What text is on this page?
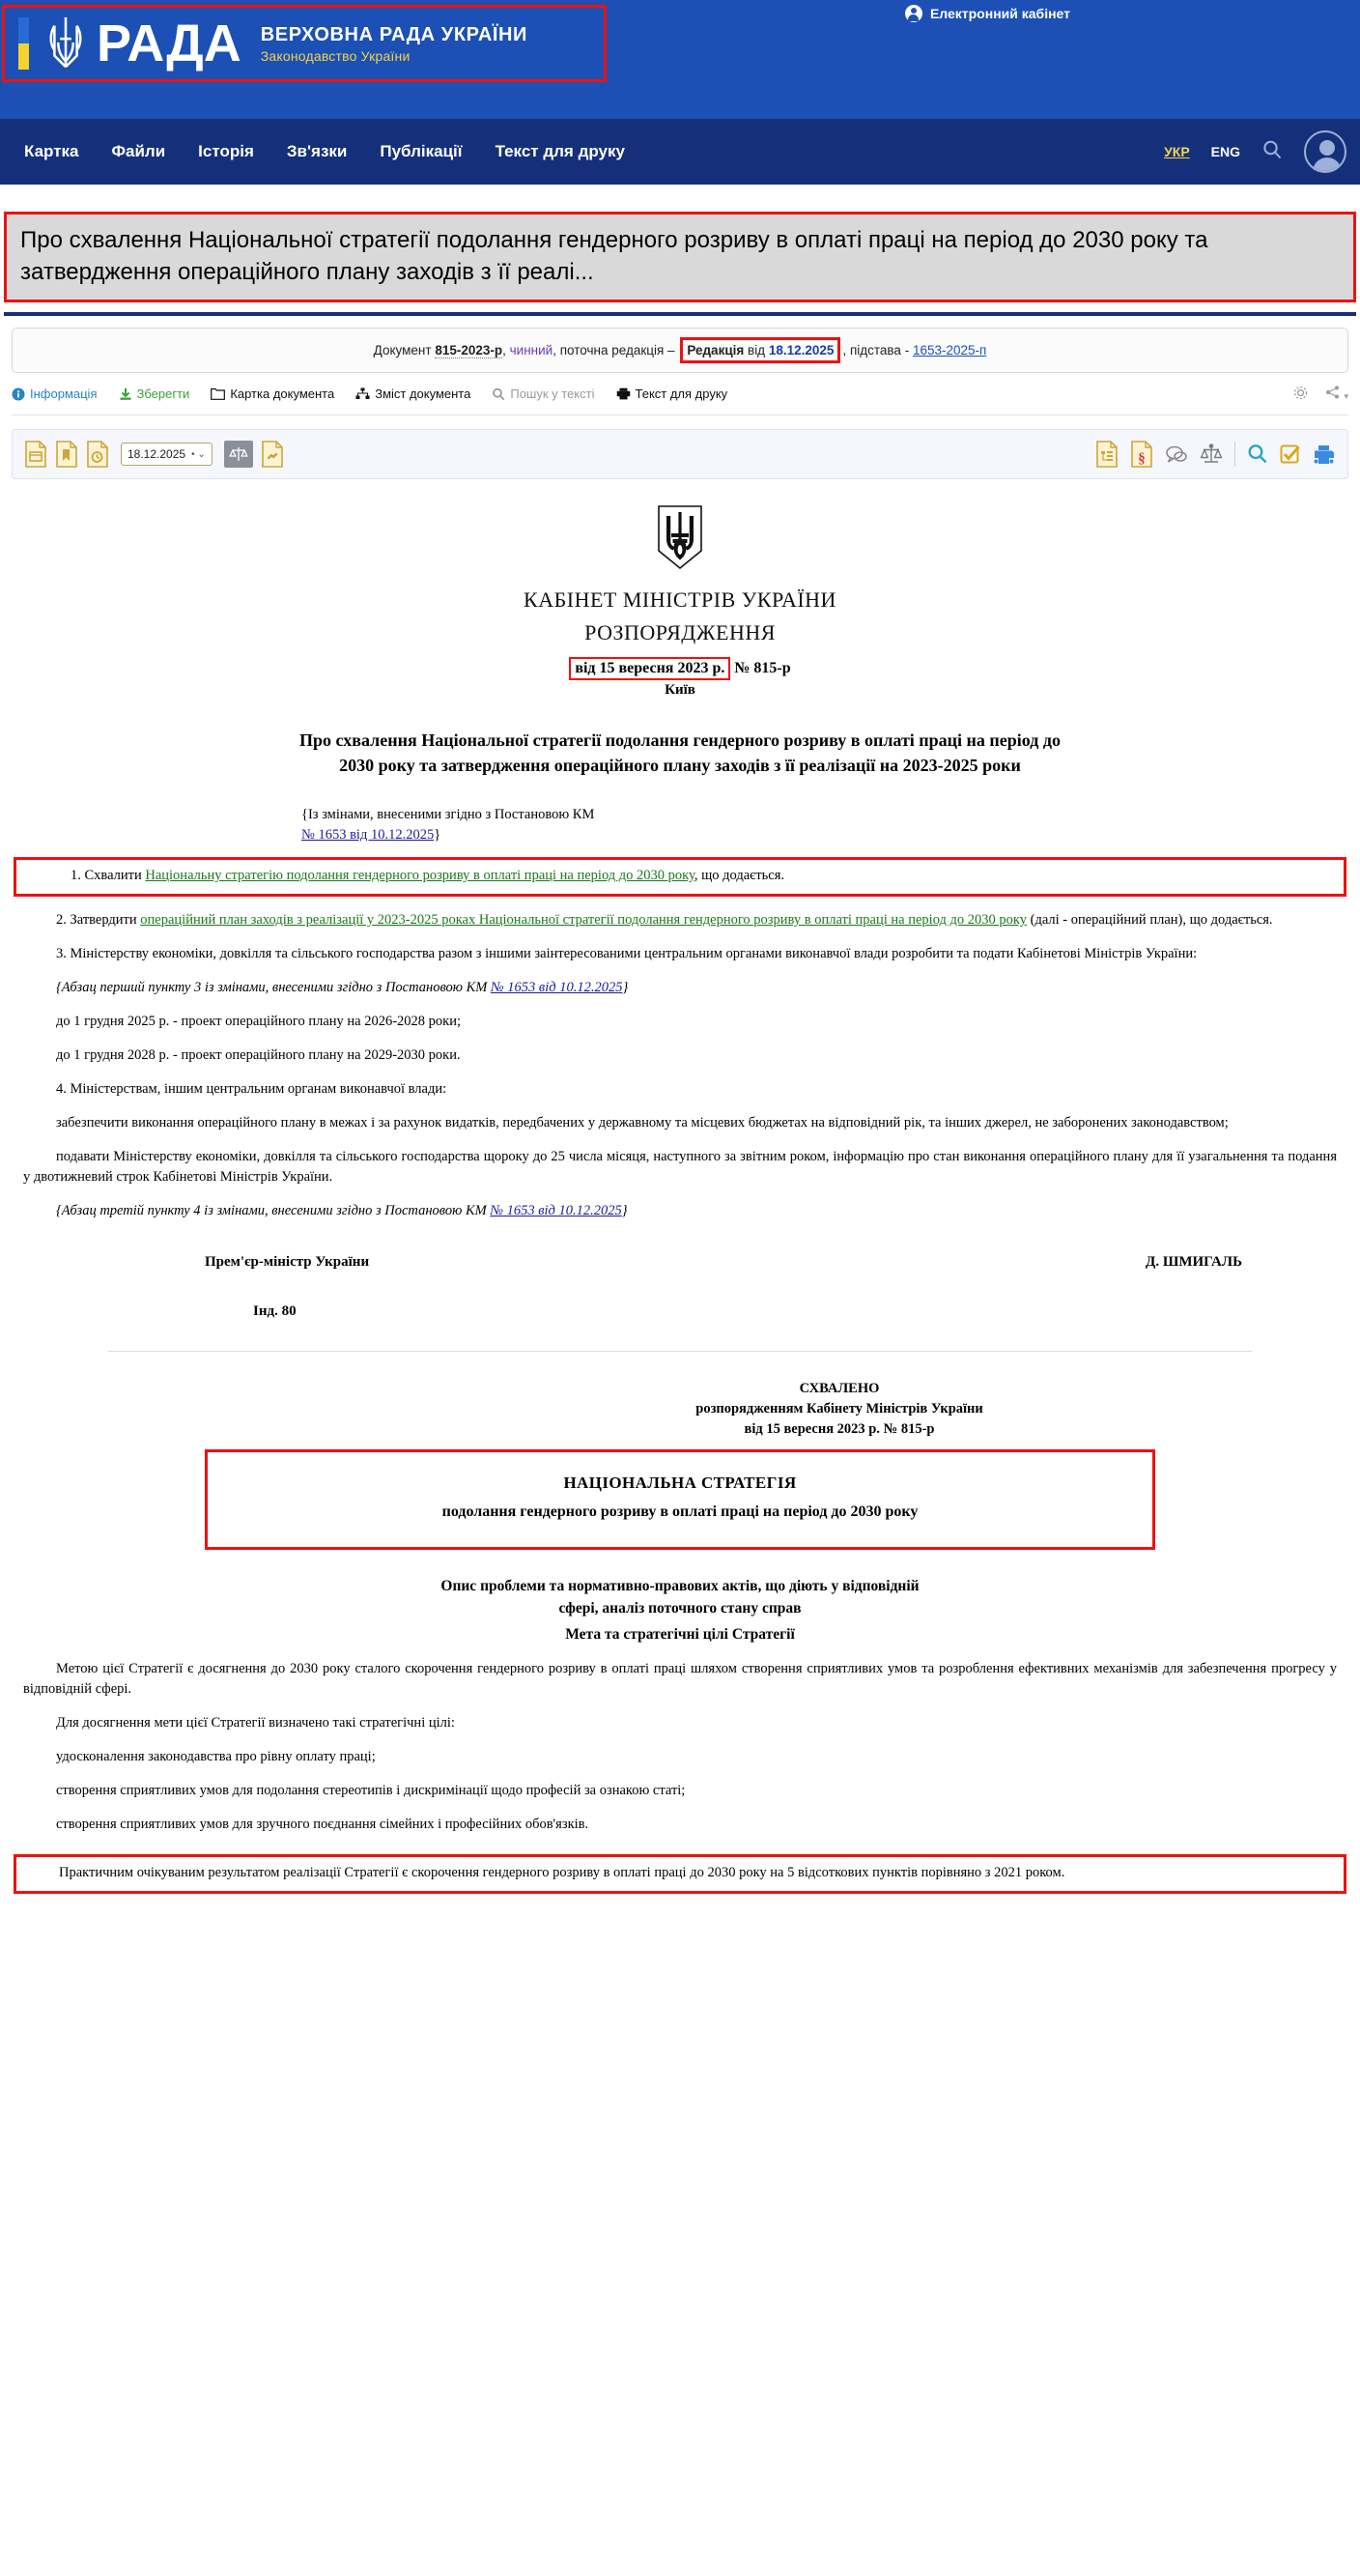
РАДА ВЕРХОВНА РАДА УКРАЇНИ
Законодавство України
Електронний кабінет
Картка	Файли	Історія	Зв'язки	Публікації	Текст для друку	УКР ENG
Про схвалення Національної стратегії подолання гендерного розриву в оплаті праці на період до 2030 року та затвердження операційного плану заходів з її реалі...
Документ
815-2023-р , чинний , поточна редакція –
Редакція від 18.12.2025 , підстава -
1653-2025-п
Інформація	Зберегти	Картка документа	Зміст документа	Пошук у тексті	Текст для друку	▾
18.12.2025 • ⌄	§
КАБІНЕТ МІНІСТРІВ УКРАЇНИ
РОЗПОРЯДЖЕННЯ
від 15 вересня 2023 р. № 815-р
Київ
Про схвалення Національної стратегії подолання гендерного розриву в оплаті праці на період до 2030 року та затвердження операційного плану заходів з її реалізації на 2023-2025 роки
{Із змінами, внесеними згідно з Постановою КМ
№ 1653 від 10.12.2025}
1. Схвалити Національну стратегію подолання гендерного розриву в оплаті праці на період до 2030 року, що додається.
2. Затвердити операційний план заходів з реалізації у 2023-2025 роках Національної стратегії подолання гендерного розриву в оплаті праці на період до 2030 року (далі - операційний план), що додається.
3. Міністерству економіки, довкілля та сільського господарства разом з іншими заінтересованими центральним органами виконавчої влади розробити та подати Кабінетові Міністрів України:
{Абзац перший пункту 3 із змінами, внесеними згідно з Постановою КМ № 1653 від 10.12.2025}
до 1 грудня 2025 р. - проект операційного плану на 2026-2028 роки;
до 1 грудня 2028 р. - проект операційного плану на 2029-2030 роки.
4. Міністерствам, іншим центральним органам виконавчої влади:
забезпечити виконання операційного плану в межах і за рахунок видатків, передбачених у державному та місцевих бюджетах на відповідний рік, та інших джерел, не заборонених законодавством;
подавати Міністерству економіки, довкілля та сільського господарства щороку до 25 числа місяця, наступного за звітним роком, інформацію про стан виконання операційного плану для її узагальнення та подання у двотижневий строк Кабінетові Міністрів України.
{Абзац третій пункту 4 із змінами, внесеними згідно з Постановою КМ № 1653 від 10.12.2025}
Прем'єр-міністр України	Д. ШМИГАЛЬ
Інд. 80
СХВАЛЕНО
розпорядженням Кабінету Міністрів України
від 15 вересня 2023 р. № 815-р
НАЦІОНАЛЬНА СТРАТЕГІЯ
подолання гендерного розриву в оплаті праці на період до 2030 року
Опис проблеми та нормативно-правових актів, що діють у відповідній
сфері, аналіз поточного стану справ
Мета та стратегічні цілі Стратегії
Метою цієї Стратегії є досягнення до 2030 року сталого скорочення гендерного розриву в оплаті праці шляхом створення сприятливих умов та розроблення ефективних механізмів для забезпечення прогресу у відповідній сфері.
Для досягнення мети цієї Стратегії визначено такі стратегічні цілі:
удосконалення законодавства про рівну оплату праці;
створення сприятливих умов для подолання стереотипів і дискримінації щодо професій за ознакою статі;
створення сприятливих умов для зручного поєднання сімейних і професійних обов'язків.
Практичним очікуваним результатом реалізації Стратегії є скорочення гендерного розриву в оплаті праці до 2030 року на 5 відсоткових пунктів порівняно з 2021 роком.
